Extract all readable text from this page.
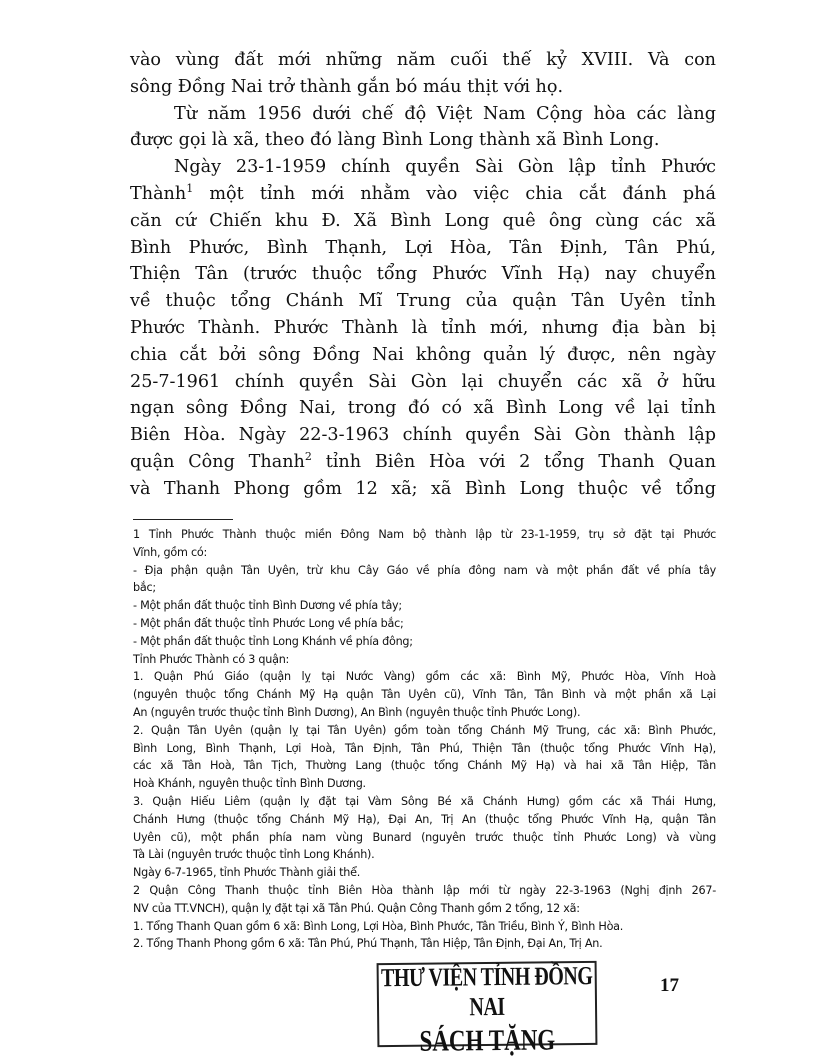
vào vùng đất mới những năm cuối thế kỷ XVIII. Và con
sông Đồng Nai trở thành gắn bó máu thịt với họ.
Từ năm 1956 dưới chế độ Việt Nam Cộng hòa các làng
được gọi là xã, theo đó làng Bình Long thành xã Bình Long.
Ngày 23-1-1959 chính quyền Sài Gòn lập tỉnh Phước
Thành$^1$ một tỉnh mới nhằm vào việc chia cắt đánh phá
căn cứ Chiến khu Đ. Xã Bình Long quê ông cùng các xã
Bình Phước, Bình Thạnh, Lợi Hòa, Tân Định, Tân Phú,
Thiện Tân (trước thuộc tổng Phước Vĩnh Hạ) nay chuyển
về thuộc tổng Chánh Mĩ Trung của quận Tân Uyên tỉnh
Phước Thành. Phước Thành là tỉnh mới, nhưng địa bàn bị
chia cắt bởi sông Đồng Nai không quản lý được, nên ngày
25-7-1961 chính quyền Sài Gòn lại chuyển các xã ở hữu
ngạn sông Đồng Nai, trong đó có xã Bình Long về lại tỉnh
Biên Hòa. Ngày 22-3-1963 chính quyền Sài Gòn thành lập
quận Công Thanh$^2$ tỉnh Biên Hòa với 2 tổng Thanh Quan
và Thanh Phong gồm 12 xã; xã Bình Long thuộc về tổng
1 Tỉnh Phước Thành thuộc miền Đông Nam bộ thành lập từ 23-1-1959, trụ sở đặt tại Phước
Vĩnh, gồm có:
- Địa phận quận Tân Uyên, trừ khu Cây Gáo về phía đông nam và một phần đất về phía tây
bắc;
- Một phần đất thuộc tỉnh Bình Dương về phía tây;
- Một phần đất thuộc tỉnh Phước Long về phía bắc;
- Một phần đất thuộc tỉnh Long Khánh về phía đông;
Tỉnh Phước Thành có 3 quận:
1. Quận Phú Giáo (quận lỵ tại Nước Vàng) gồm các xã: Bình Mỹ, Phước Hòa, Vĩnh Hoà
(nguyên thuộc tổng Chánh Mỹ Hạ quận Tân Uyên cũ), Vĩnh Tân, Tân Bình và một phần xã Lại
An (nguyên trước thuộc tỉnh Bình Dương), An Bình (nguyên thuộc tỉnh Phước Long).
2. Quận Tân Uyên (quận lỵ tại Tân Uyên) gồm toàn tổng Chánh Mỹ Trung, các xã: Bình Phước,
Bình Long, Bình Thạnh, Lợi Hoà, Tân Định, Tân Phú, Thiện Tân (thuộc tổng Phước Vĩnh Hạ),
các xã Tân Hoà, Tân Tịch, Thường Lang (thuộc tổng Chánh Mỹ Hạ) và hai xã Tân Hiệp, Tân
Hoà Khánh, nguyên thuộc tỉnh Bình Dương.
3. Quận Hiếu Liêm (quận lỵ đặt tại Vàm Sông Bé xã Chánh Hưng) gồm các xã Thái Hưng,
Chánh Hưng (thuộc tổng Chánh Mỹ Hạ), Đại An, Trị An (thuộc tổng Phước Vĩnh Hạ, quận Tân
Uyên cũ), một phần phía nam vùng Bunard (nguyên trước thuộc tỉnh Phước Long) và vùng
Tà Lài (nguyên trước thuộc tỉnh Long Khánh).
Ngày 6-7-1965, tỉnh Phước Thành giải thể.
2 Quận Công Thanh thuộc tỉnh Biên Hòa thành lập mới từ ngày 22-3-1963 (Nghị định 267-
NV của TT.VNCH), quận lỵ đặt tại xã Tân Phú. Quận Công Thanh gồm 2 tổng, 12 xã:
1. Tổng Thanh Quan gồm 6 xã: Bình Long, Lợi Hòa, Bình Phước, Tân Triều, Bình Ý, Bình Hòa.
2. Tổng Thanh Phong gồm 6 xã: Tân Phú, Phú Thạnh, Tân Hiệp, Tân Định, Đại An, Trị An.
THƯ VIỆN TỈNH ĐỒNG NAI
SÁCH TẶNG
17
